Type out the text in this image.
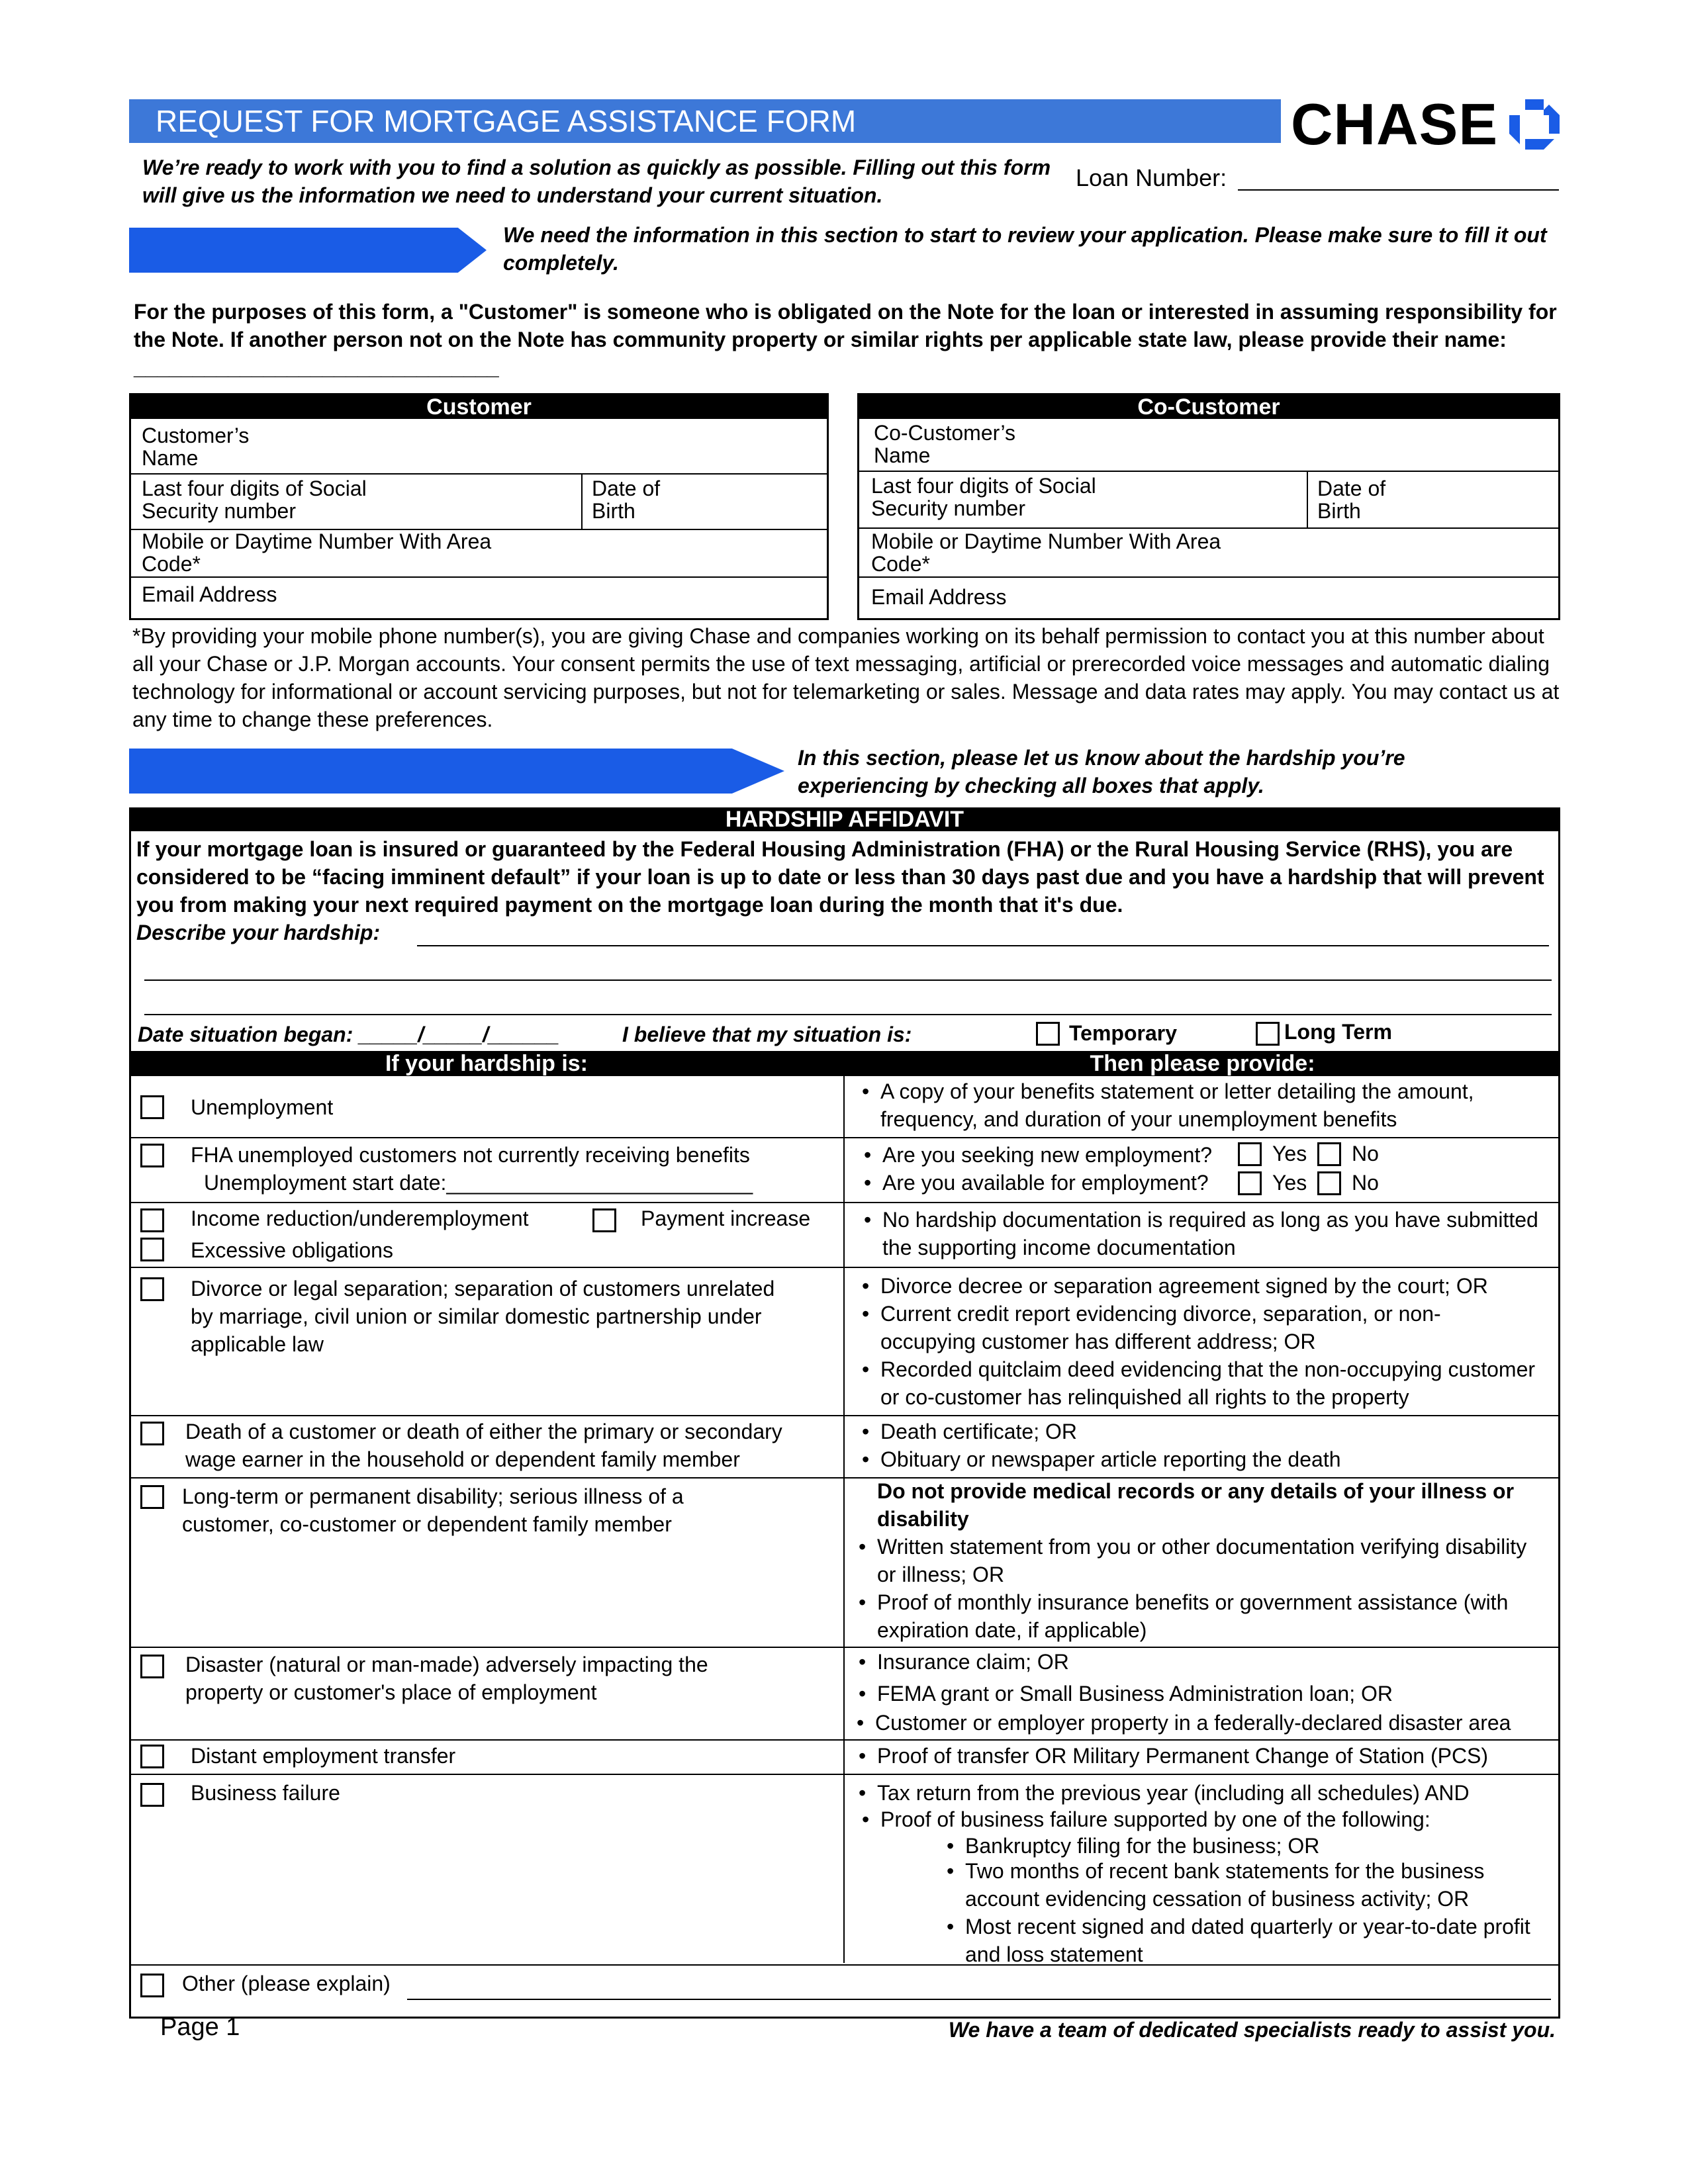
REQUEST FOR MORTGAGE ASSISTANCE FORM	CHASE
We’re ready to work with you to find a solution as quickly as possible. Filling out this form will give us the information we need to understand your current situation.
Loan Number:
We need the information in this section to start to review your application. Please make sure to fill it out completely.
For the purposes of this form, a "Customer" is someone who is obligated on the Note for the loan or interested in assuming responsibility for the Note. If another person not on the Note has community property or similar rights per applicable state law, please provide their name: _______________________________
Customer
Customer’s Name
Last four digits of Social Security number
Date of Birth
Mobile or Daytime Number With Area Code*
Email Address
Co-Customer
Co-Customer’s Name
Last four digits of Social Security number
Date of Birth
Mobile or Daytime Number With Area Code*
Email Address
*By providing your mobile phone number(s), you are giving Chase and companies working on its behalf permission to contact you at this number about all your Chase or J.P. Morgan accounts. Your consent permits the use of text messaging, artificial or prerecorded voice messages and automatic dialing technology for informational or account servicing purposes, but not for telemarketing or sales. Message and data rates may apply. You may contact us at any time to change these preferences.
In this section, please let us know about the hardship you’re experiencing by checking all boxes that apply.
HARDSHIP AFFIDAVIT
If your mortgage loan is insured or guaranteed by the Federal Housing Administration (FHA) or the Rural Housing Service (RHS), you are considered to be “facing imminent default” if your loan is up to date or less than 30 days past due and you have a hardship that will prevent you from making your next required payment on the mortgage loan during the month that it's due.
Describe your hardship:
Date situation began: _____/_____/______	I believe that my situation is:	Temporary	Long Term
If your hardship is:	Then please provide:
Unemployment
• A copy of your benefits statement or letter detailing the amount, frequency, and duration of your unemployment benefits
FHA unemployed customers not currently receiving benefits
Unemployment start date:__________________________
• Are you seeking new employment?	Yes No
• Are you available for employment?	Yes No
Income reduction/underemployment	Payment increase
Excessive obligations
• No hardship documentation is required as long as you have submitted the supporting income documentation
Divorce or legal separation; separation of customers unrelated by marriage, civil union or similar domestic partnership under applicable law
• Divorce decree or separation agreement signed by the court; OR
• Current credit report evidencing divorce, separation, or non-occupying customer has different address; OR
• Recorded quitclaim deed evidencing that the non-occupying customer or co-customer has relinquished all rights to the property
Death of a customer or death of either the primary or secondary wage earner in the household or dependent family member
• Death certificate; OR
• Obituary or newspaper article reporting the death
Long-term or permanent disability; serious illness of a customer, co-customer or dependent family member
Do not provide medical records or any details of your illness or disability
• Written statement from you or other documentation verifying disability or illness; OR
• Proof of monthly insurance benefits or government assistance (with expiration date, if applicable)
Disaster (natural or man-made) adversely impacting the property or customer's place of employment
• Insurance claim; OR
• FEMA grant or Small Business Administration loan; OR
• Customer or employer property in a federally-declared disaster area
Distant employment transfer	• Proof of transfer OR Military Permanent Change of Station (PCS)
Business failure	• Tax return from the previous year (including all schedules) AND
• Proof of business failure supported by one of the following:
• Bankruptcy filing for the business; OR
• Two months of recent bank statements for the business account evidencing cessation of business activity; OR
• Most recent signed and dated quarterly or year-to-date profit and loss statement
Other (please explain)
Page 1	We have a team of dedicated specialists ready to assist you.
